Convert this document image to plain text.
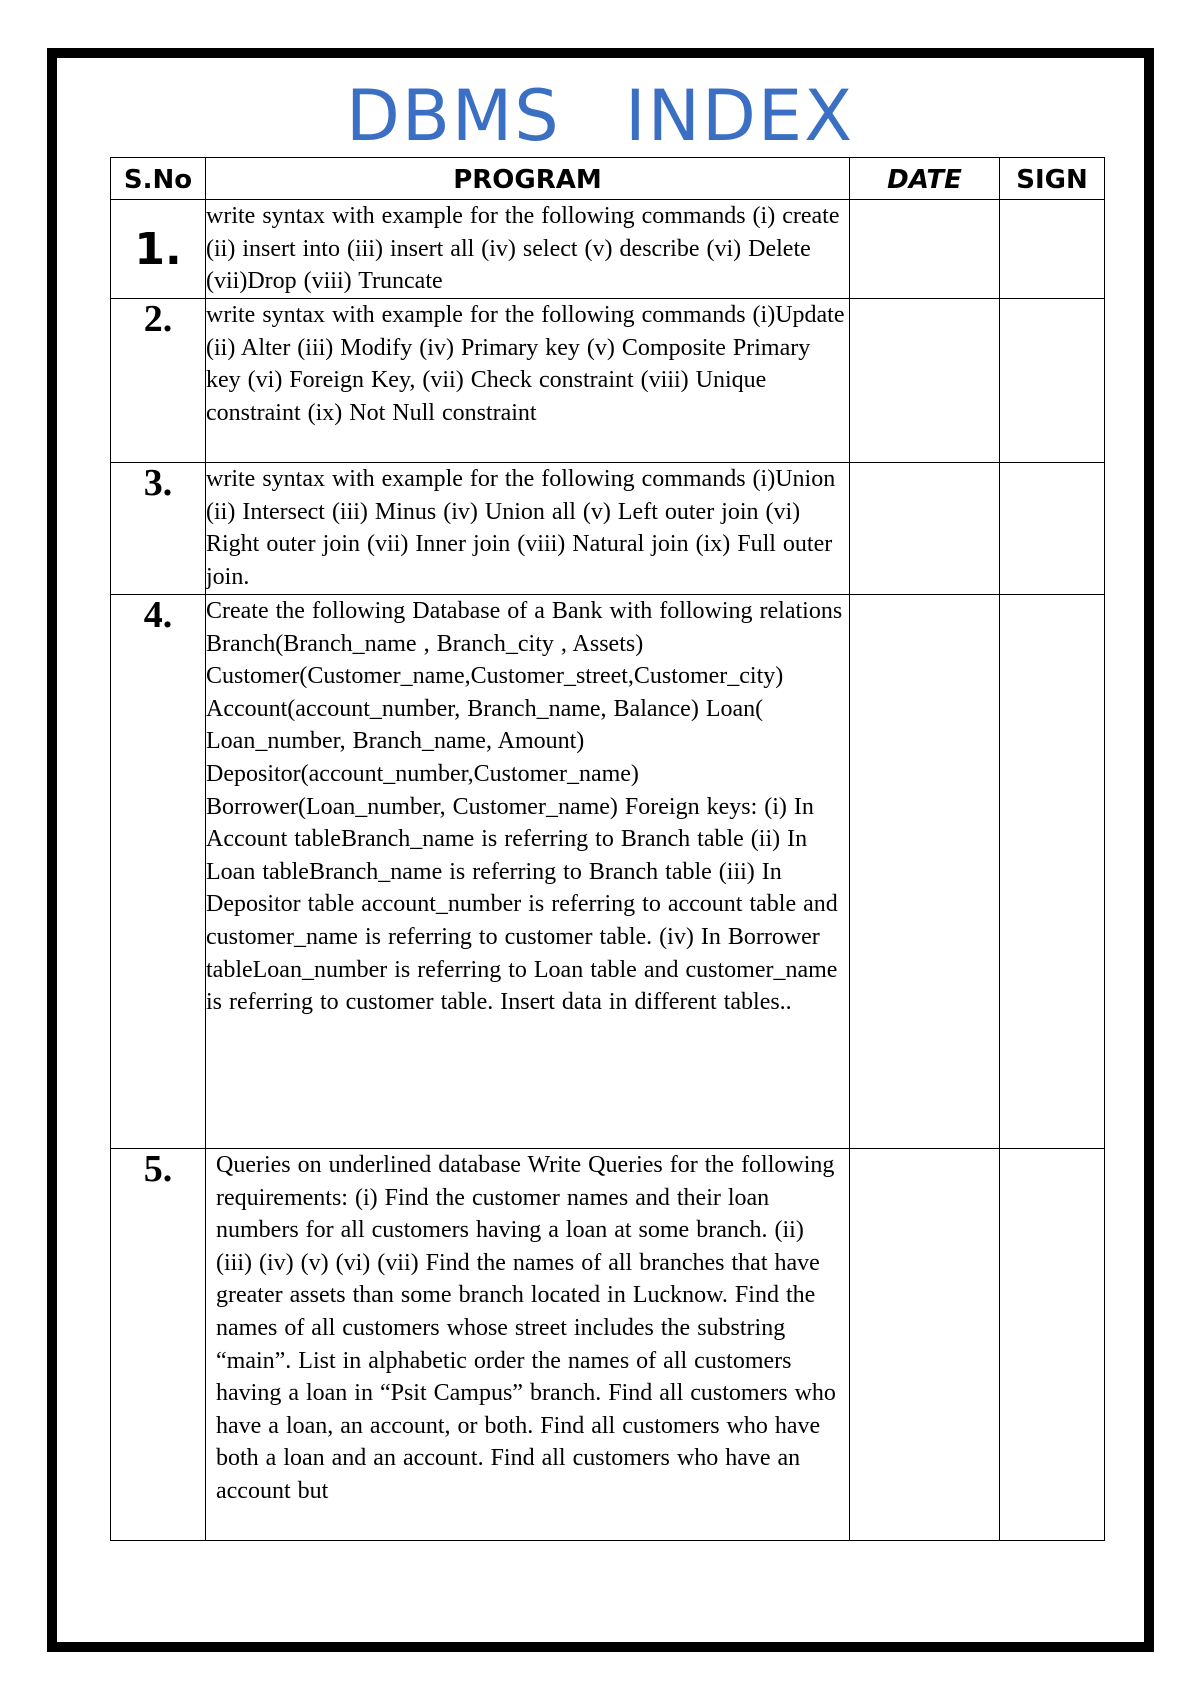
DBMS INDEX
S.No	PROGRAM	DATE	SIGN
1.	write syntax with example for the following commands (i) create (ii) insert into (iii) insert all (iv) select (v) describe (vi) Delete (vii)Drop (viii) Truncate		
2.	write syntax with example for the following commands (i)Update (ii) Alter (iii) Modify (iv) Primary key (v) Composite Primary key (vi) Foreign Key, (vii) Check constraint (viii) Unique constraint (ix) Not Null constraint		
3.	write syntax with example for the following commands (i)Union (ii) Intersect (iii) Minus (iv) Union all (v) Left outer join (vi) Right outer join (vii) Inner join (viii) Natural join (ix) Full outer join.		
4.	Create the following Database of a Bank with following relations Branch(Branch_name , Branch_city , Assets) Customer(Customer_name,Customer_street,Customer_city) Account(account_number, Branch_name, Balance) Loan( Loan_number, Branch_name, Amount) Depositor(account_number,Customer_name) Borrower(Loan_number, Customer_name) Foreign keys: (i) In Account tableBranch_name is referring to Branch table (ii) In Loan tableBranch_name is referring to Branch table (iii) In Depositor table account_number is referring to account table and customer_name is referring to customer table. (iv) In Borrower tableLoan_number is referring to Loan table and customer_name is referring to customer table. Insert data in different tables..		
5.	Queries on underlined database Write Queries for the following requirements: (i) Find the customer names and their loan numbers for all customers having a loan at some branch. (ii) (iii) (iv) (v) (vi) (vii) Find the names of all branches that have greater assets than some branch located in Lucknow. Find the names of all customers whose street includes the substring “main”. List in alphabetic order the names of all customers having a loan in “Psit Campus” branch. Find all customers who have a loan, an account, or both. Find all customers who have both a loan and an account. Find all customers who have an account but		
